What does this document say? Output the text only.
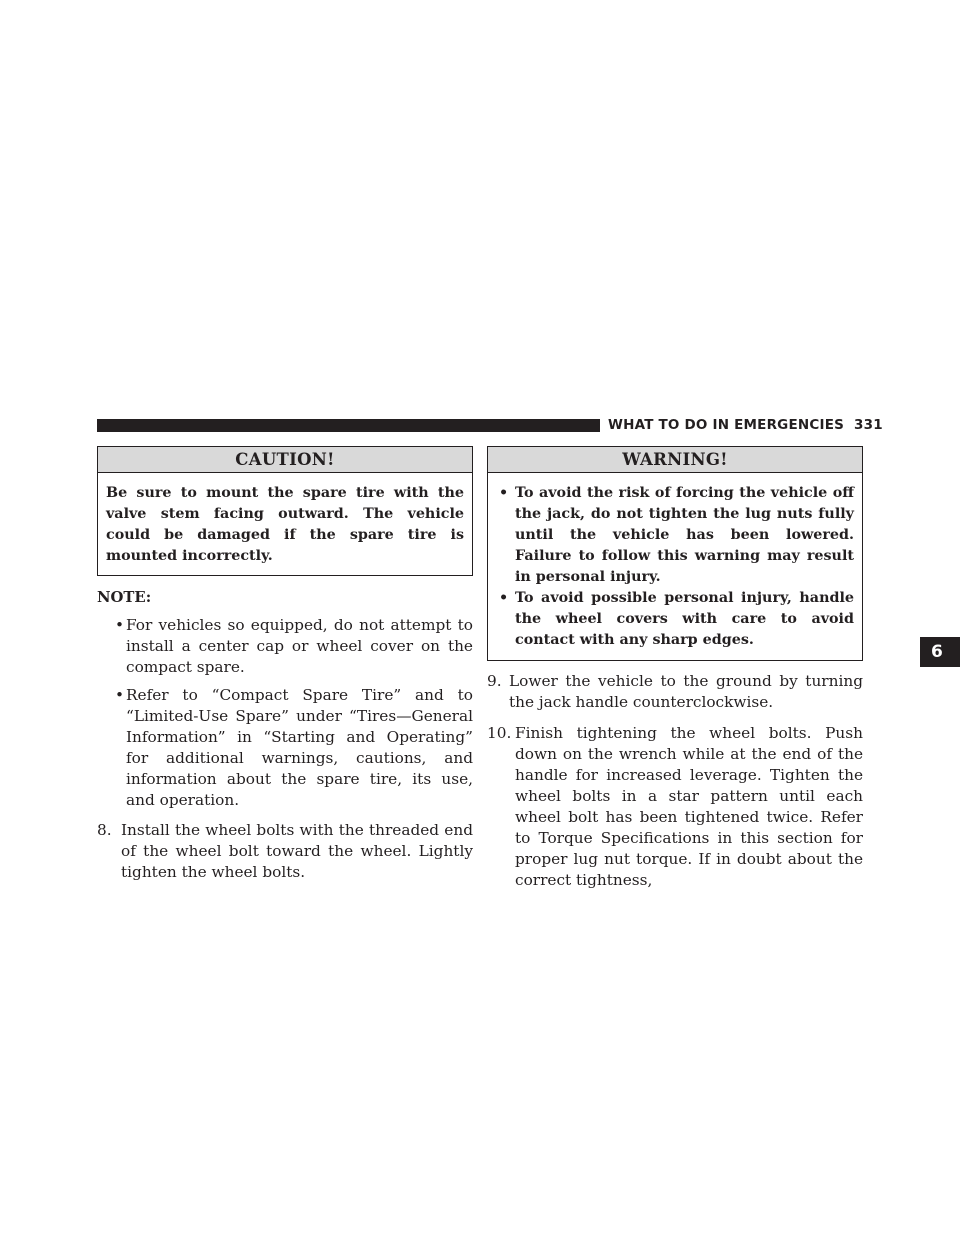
WHAT TO DO IN EMERGENCIES 331
6
CAUTION!
Be sure to mount the spare tire with the valve stem facing outward. The vehicle could be damaged if the spare tire is mounted incorrectly.
NOTE:
• For vehicles so equipped, do not attempt to install a center cap or wheel cover on the compact spare.
• Refer to “Compact Spare Tire” and to “Limited-Use Spare” under “Tires—General Information” in “Starting and Operating” for additional warnings, cautions, and information about the spare tire, its use, and operation.
8. Install the wheel bolts with the threaded end of the wheel bolt toward the wheel. Lightly tighten the wheel bolts.
WARNING!
• To avoid the risk of forcing the vehicle off the jack, do not tighten the lug nuts fully until the vehicle has been lowered. Failure to follow this warning may result in personal injury.
• To avoid possible personal injury, handle the wheel covers with care to avoid contact with any sharp edges.
9. Lower the vehicle to the ground by turning the jack handle counterclockwise.
10. Finish tightening the wheel bolts. Push down on the wrench while at the end of the handle for increased leverage. Tighten the wheel bolts in a star pattern until each wheel bolt has been tightened twice. Refer to Torque Specifications in this section for proper lug nut torque. If in doubt about the correct tightness,
